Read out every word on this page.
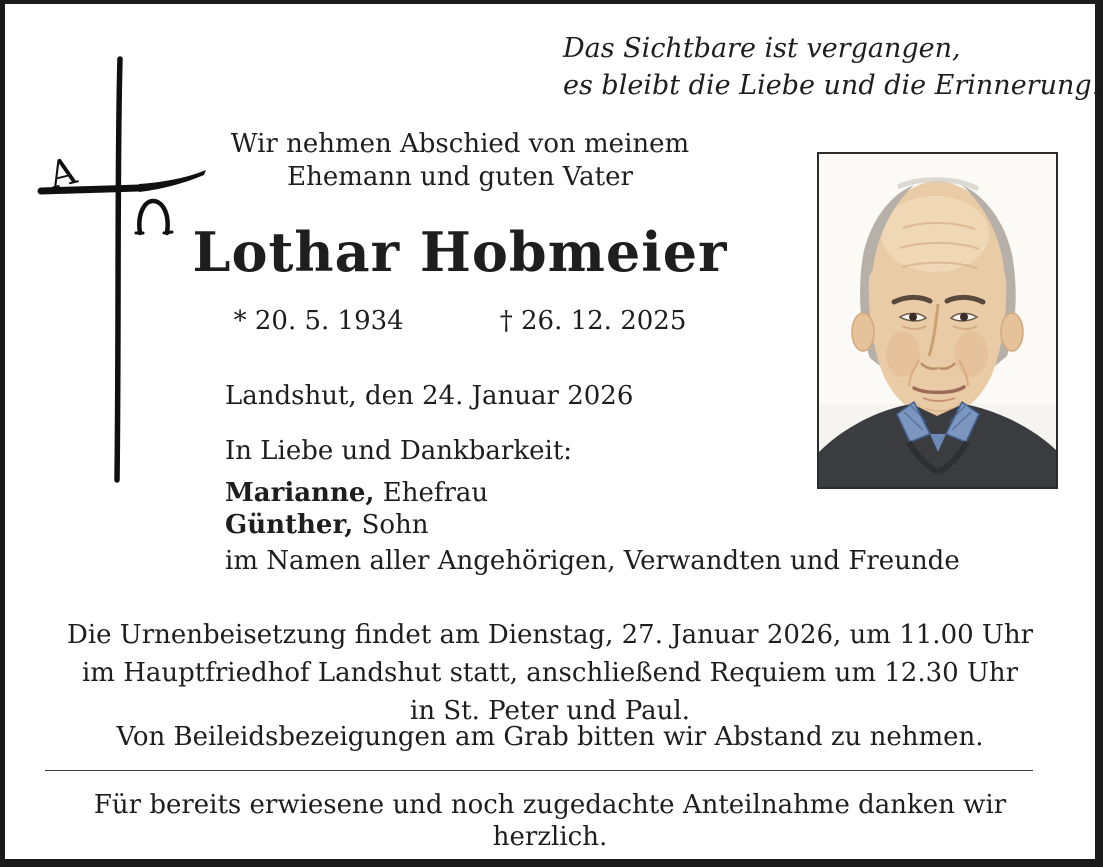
Das Sichtbare ist vergangen,
es bleibt die Liebe und die Erinnerung.
A
Wir nehmen Abschied von meinem
Ehemann und guten Vater
Lothar Hobmeier
* 20. 5. 1934	† 26. 12. 2025

Landshut, den 24. Januar 2026

In Liebe und Dankbarkeit:

Marianne, Ehefrau

Günther, Sohn

im Namen aller Angehörigen, Verwandten und Freunde

Die Urnenbeisetzung findet am Dienstag, 27. Januar 2026, um 11.00 Uhr
im Hauptfriedhof Landshut statt, anschließend Requiem um 12.30 Uhr
in St. Peter und Paul.
Von Beileidsbezeigungen am Grab bitten wir Abstand zu nehmen.
Für bereits erwiesene und noch zugedachte Anteilnahme danken wir herzlich.
